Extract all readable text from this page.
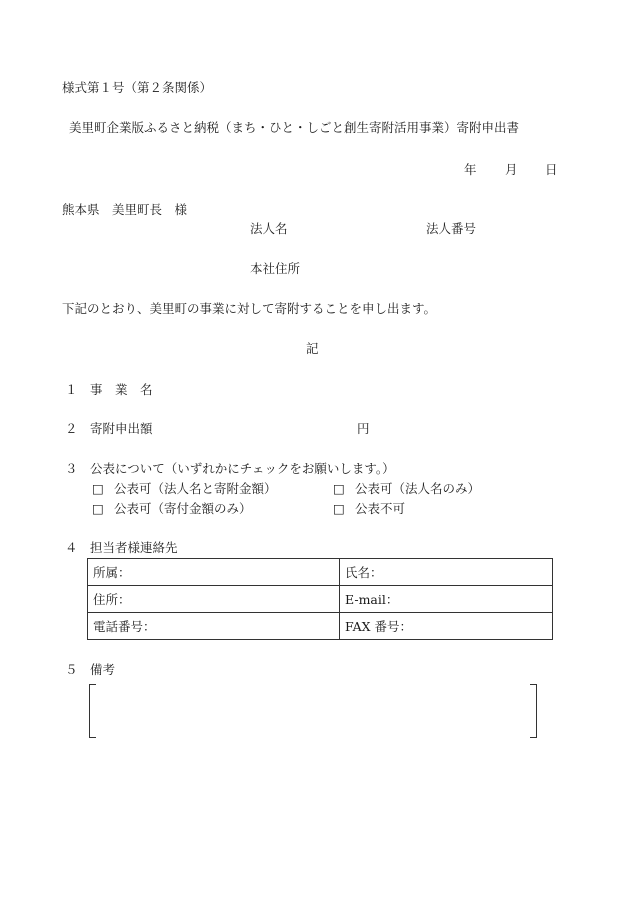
様式第１号（第２条関係）
美里町企業版ふるさと納税（まち・ひと・しごと創生寄附活用事業）寄附申出書
年 月 日
熊本県　美里町長　様
法人名	法人番号
本社住所
下記のとおり、美里町の事業に対して寄附することを申し出ます。
記
１ 事　業　名
２ 寄附申出額	円
３ 公表について（いずれかにチェックをお願いします。）
□ 公表可（法人名と寄附金額）	□ 公表可（法人名のみ）
□ 公表可（寄付金額のみ）	□ 公表不可
４ 担当者様連絡先
所属：	氏名：
住所：	E-mail：
電話番号：	FAX 番号：
５ 備考
